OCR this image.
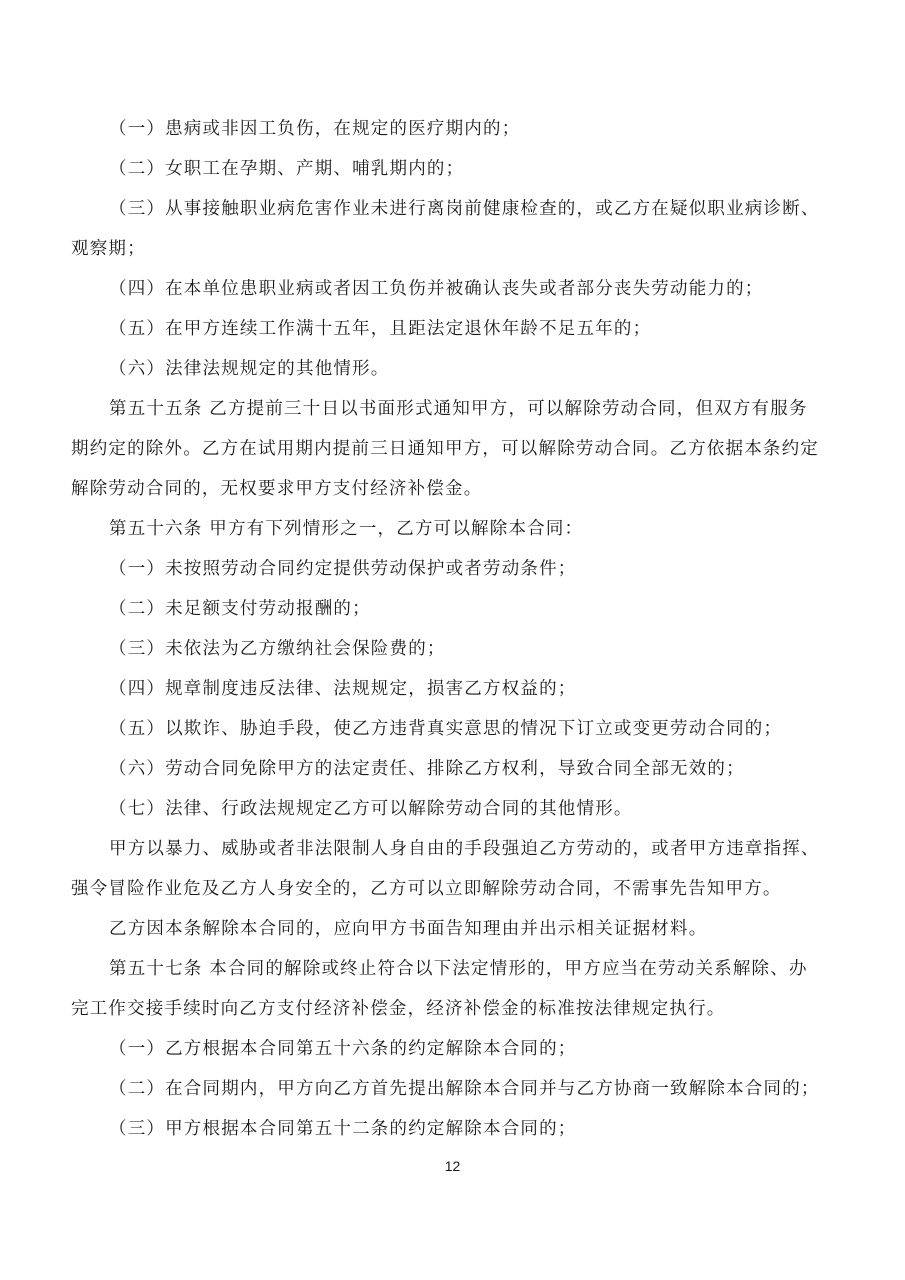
（一）患病或非因工负伤，在规定的医疗期内的；

（二）女职工在孕期、产期、哺乳期内的；

（三）从事接触职业病危害作业未进行离岗前健康检查的，或乙方在疑似职业病诊断、

观察期；

（四）在本单位患职业病或者因工负伤并被确认丧失或者部分丧失劳动能力的；

（五）在甲方连续工作满十五年，且距法定退休年龄不足五年的；

（六）法律法规规定的其他情形。

第五十五条 乙方提前三十日以书面形式通知甲方，可以解除劳动合同，但双方有服务

期约定的除外。乙方在试用期内提前三日通知甲方，可以解除劳动合同。乙方依据本条约定

解除劳动合同的，无权要求甲方支付经济补偿金。

第五十六条 甲方有下列情形之一，乙方可以解除本合同：

（一）未按照劳动合同约定提供劳动保护或者劳动条件；

（二）未足额支付劳动报酬的；

（三）未依法为乙方缴纳社会保险费的；

（四）规章制度违反法律、法规规定，损害乙方权益的；

（五）以欺诈、胁迫手段，使乙方违背真实意思的情况下订立或变更劳动合同的；

（六）劳动合同免除甲方的法定责任、排除乙方权利，导致合同全部无效的；

（七）法律、行政法规规定乙方可以解除劳动合同的其他情形。

甲方以暴力、威胁或者非法限制人身自由的手段强迫乙方劳动的，或者甲方违章指挥、

强令冒险作业危及乙方人身安全的，乙方可以立即解除劳动合同，不需事先告知甲方。

乙方因本条解除本合同的，应向甲方书面告知理由并出示相关证据材料。

第五十七条 本合同的解除或终止符合以下法定情形的，甲方应当在劳动关系解除、办

完工作交接手续时向乙方支付经济补偿金，经济补偿金的标准按法律规定执行。

（一）乙方根据本合同第五十六条的约定解除本合同的；

（二）在合同期内，甲方向乙方首先提出解除本合同并与乙方协商一致解除本合同的；

（三）甲方根据本合同第五十二条的约定解除本合同的；

12
